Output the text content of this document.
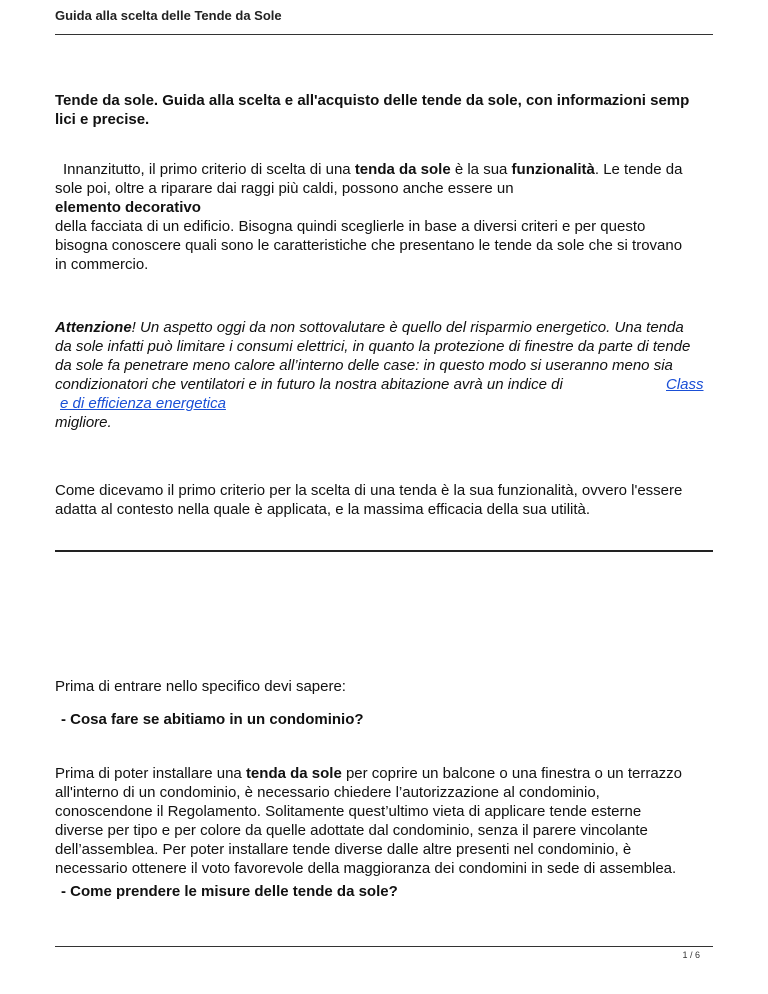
Guida alla scelta delle Tende da Sole
Tende da sole. Guida alla scelta e all'acquisto delle tende da sole, con informazioni semp
lici e precise.
Innanzitutto, il primo criterio di scelta di una tenda da sole è la sua funzionalità. Le tende da
sole poi, oltre a riparare dai raggi più caldi, possono anche essere un
elemento decorativo
della facciata di un edificio. Bisogna quindi sceglierle in base a diversi criteri e per questo
bisogna conoscere quali sono le caratteristiche che presentano le tende da sole che si trovano
in commercio.
Attenzione! Un aspetto oggi da non sottovalutare è quello del risparmio energetico. Una tenda
da sole infatti può limitare i consumi elettrici, in quanto la protezione di finestre da parte di tende
da sole fa penetrare meno calore all’interno delle case: in questo modo si useranno meno sia
condizionatori che ventilatori e in futuro la nostra abitazione avrà un indice di	Class
e di efficienza energetica
migliore.
Come dicevamo il primo criterio per la scelta di una tenda è la sua funzionalità, ovvero l'essere
adatta al contesto nella quale è applicata, e la massima efficacia della sua utilità.
Prima di entrare nello specifico devi sapere:
- Cosa fare se abitiamo in un condominio?
Prima di poter installare una tenda da sole per coprire un balcone o una finestra o un terrazzo
all'interno di un condominio, è necessario chiedere l’autorizzazione al condominio,
conoscendone il Regolamento. Solitamente quest’ultimo vieta di applicare tende esterne
diverse per tipo e per colore da quelle adottate dal condominio, senza il parere vincolante
dell’assemblea. Per poter installare tende diverse dalle altre presenti nel condominio, è
necessario ottenere il voto favorevole della maggioranza dei condomini in sede di assemblea.
- Come prendere le misure delle tende da sole?
1 / 6
